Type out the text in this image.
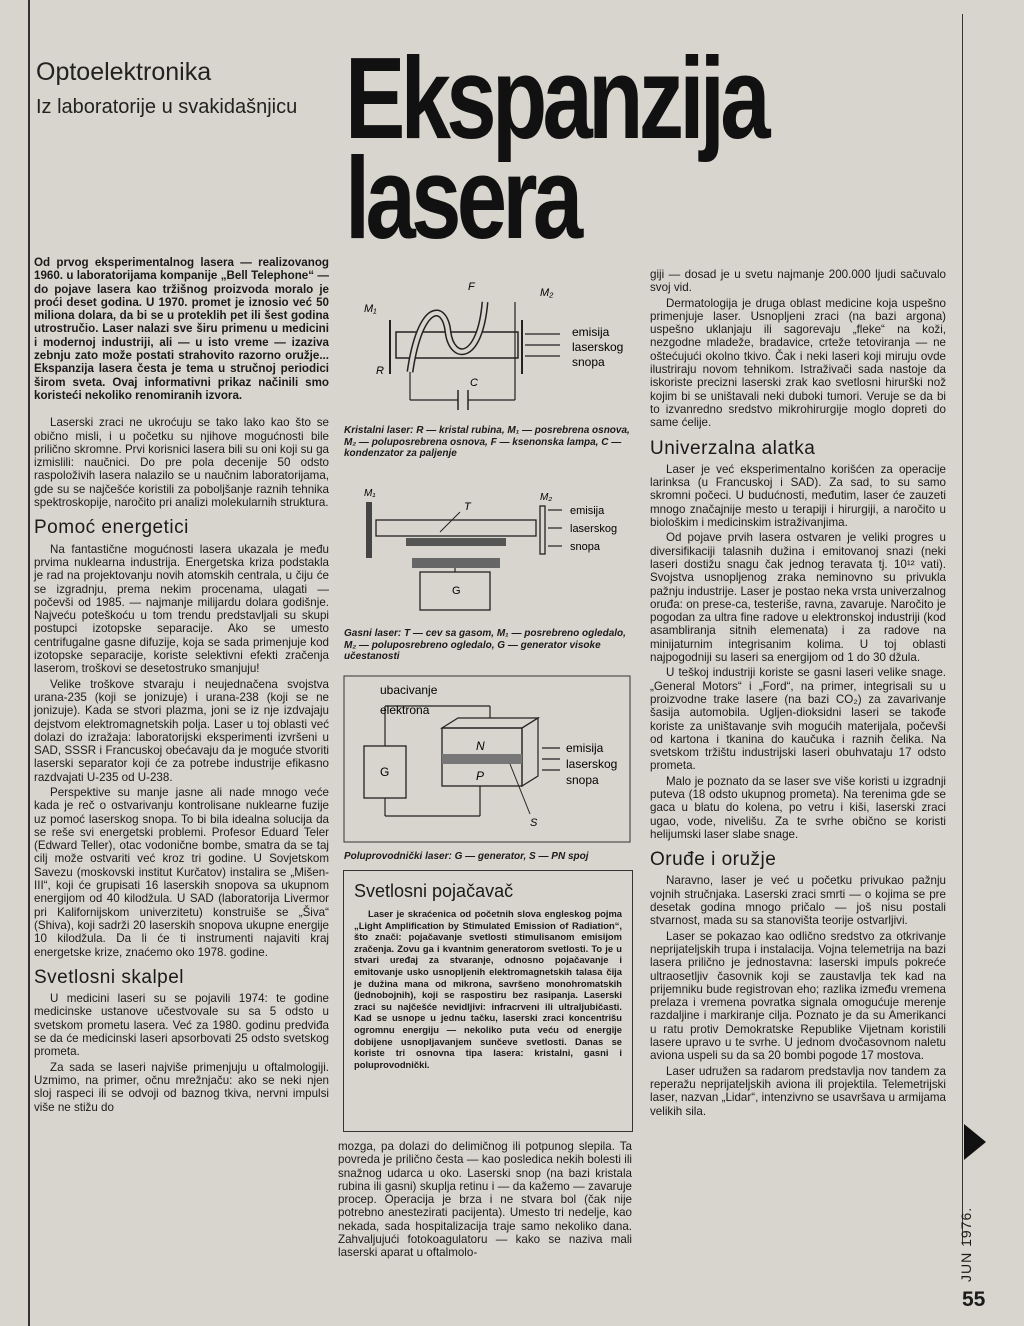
Optoelektronika
Iz laboratorije u svakidašnjicu Ekspanzija
lasera

Od prvog eksperimentalnog lasera — realizovanog 1960. u laboratorijama kompanije „Bell Telephone“ — do pojave lasera kao tržišnog proizvoda moralo je proći deset godina. U 1970. promet je iznosio već 50 miliona dolara, da bi se u proteklih pet ili šest godina utrostručio. Laser nalazi sve širu primenu u medicini i modernoj industriji, ali — u isto vreme — izaziva zebnju zato može postati strahovito razorno oružje... Ekspanzija lasera česta je tema u stručnoj periodici širom sveta. Ovaj informativni prikaz načinili smo koristeći nekoliko renomiranih izvora.

Laserski zraci ne ukroćuju se tako lako kao što se obično misli, i u početku su njihove mogućnosti bile prilično skromne. Prvi korisnici lasera bili su oni koji su ga izmislili: naučnici. Do pre pola decenije 50 odsto raspoloživih lasera nalazilo se u naučnim laboratorijama, gde su se najčešće koristili za poboljšanje raznih tehnika spektroskopije, naročito pri analizi molekularnih struktura.

Pomoć energetici

Na fantastične mogućnosti lasera ukazala je među prvima nuklearna industrija. Energetska kriza podstakla je rad na projektovanju novih atomskih centrala, u čiju će se izgradnju, prema nekim procenama, ulagati — počevši od 1985. — najmanje milijardu dolara godišnje. Najveću poteškoću u tom trendu predstavljali su skupi postupci izotopske separacije. Ako se umesto centrifugalne gasne difuzije, koja se sada primenjuje kod izotopske separacije, koriste selektivni efekti zračenja laserom, troškovi se desetostruko smanjuju!

Velike troškove stvaraju i neujednačena svojstva urana-235 (koji se jonizuje) i urana-238 (koji se ne jonizuje). Kada se stvori plazma, joni se iz nje izdvajaju dejstvom elektromagnetskih polja. Laser u toj oblasti već dolazi do izražaja: laboratorijski eksperimenti izvršeni u SAD, SSSR i Francuskoj obećavaju da je moguće stvoriti laserski separator koji će za potrebe industrije efikasno razdvajati U-235 od U-238.

Perspektive su manje jasne ali nade mnogo veće kada je reč o ostvarivanju kontrolisane nuklearne fuzije uz pomoć laserskog snopa. To bi bila idealna solucija da se reše svi energetski problemi. Profesor Eduard Teler (Edward Teller), otac vodonične bombe, smatra da se taj cilj može ostvariti već kroz tri godine. U Sovjetskom Savezu (moskovski institut Kurčatov) instalira se „Mišen-III“, koji će grupisati 16 laserskih snopova sa ukupnom energijom od 40 kilodžula. U SAD (laboratorija Livermor pri Kalifornijskom univerzitetu) konstruiše se „Šiva“ (Shiva), koji sadrži 20 laserskih snopova ukupne energije 10 kilodžula. Da li će ti instrumenti najaviti kraj energetske krize, znaćemo oko 1978. godine.

Svetlosni skalpel

U medicini laseri su se pojavili 1974: te godine medicinske ustanove učestvovale su sa 5 odsto u svetskom prometu lasera. Već za 1980. godinu predviđa se da će medicinski laseri apsorbovati 25 odsto svetskog prometa.

Za sada se laseri najviše primenjuju u oftalmologiji. Uzmimo, na primer, očnu mrežnjaču: ako se neki njen sloj raspeci ili se odvoji od baznog tkiva, nervni impulsi više ne stižu do

F
M₁
M₂
R
C
emisija
laserskog
snopa
Kristalni laser: R — kristal rubina, M₁ — posrebrena osnova, M₂ — poluposrebrena osnova, F — ksenonska lampa, C — kondenzator za paljenje
M₁	M₂
T
G
emisija
laserskog
snopa
Gasni laser: T — cev sa gasom, M₁ — posrebreno ogledalo, M₂ — poluposrebreno ogledalo, G — generator visoke učestanosti
ubacivanje
elektrona
G
N
P
S
emisija
laserskog
snopa
Poluprovodnički laser: G — generator, S — PN spoj
Svetlosni pojačavač
Laser je skraćenica od početnih slova engleskog pojma „Light Amplification by Stimulated Emission of Radiation“, što znači: pojačavanje svetlosti stimulisanom emisijom zračenja. Zovu ga i kvantnim generatorom svetlosti. To je u stvari uređaj za stvaranje, odnosno pojačavanje i emitovanje usko usnopljenih elektromagnetskih talasa čija je dužina mana od mikrona, savršeno monohromatskih (jednobojnih), koji se raspostiru bez rasipanja. Laserski zraci su najčešće nevidljivi: infracrveni ili ultraljubičasti. Kad se usnope u jednu tačku, laserski zraci koncentrišu ogromnu energiju — nekoliko puta veću od energije dobijene usnopljavanjem sunčeve svetlosti. Danas se koriste tri osnovna tipa lasera: kristalni, gasni i poluprovodnički.

mozga, pa dolazi do delimičnog ili potpunog slepila. Ta povreda je prilično česta — kao posledica nekih bolesti ili snažnog udarca u oko. Laserski snop (na bazi kristala rubina ili gasni) skuplja retinu i — da kažemo — zavaruje procep. Operacija je brza i ne stvara bol (čak nije potrebno anestezirati pacijenta). Umesto tri nedelje, kao nekada, sada hospitalizacija traje samo nekoliko dana. Zahvaljujući fotokoagulatoru — kako se naziva mali laserski aparat u oftalmolo-

giji — dosad je u svetu najmanje 200.000 ljudi sačuvalo svoj vid.

Dermatologija je druga oblast medicine koja uspešno primenjuje laser. Usnopljeni zraci (na bazi argona) uspešno uklanjaju ili sagorevaju „fleke“ na koži, nezgodne mladeže, bradavice, crteže tetoviranja — ne oštećujući okolno tkivo. Čak i neki laseri koji miruju ovde ilustriraju novom tehnikom. Istraživači sada nastoje da iskoriste precizni laserski zrak kao svetlosni hirurški nož kojim bi se uništavali neki duboki tumori. Veruje se da bi to izvanredno sredstvo mikrohirurgije moglo dopreti do same ćelije.

Univerzalna alatka

Laser je već eksperimentalno korišćen za operacije larinksa (u Francuskoj i SAD). Za sad, to su samo skromni počeci. U budućnosti, međutim, laser će zauzeti mnogo značajnije mesto u terapiji i hirurgiji, a naročito u biološkim i medicinskim istraživanjima.

Od pojave prvih lasera ostvaren je veliki progres u diversifikaciji talasnih dužina i emitovanoj snazi (neki laseri dostižu snagu čak jednog teravata tj. 10¹² vati). Svojstva usnopljenog zraka neminovno su privukla pažnju industrije. Laser je postao neka vrsta univerzalnog oruđa: on prese-ca, testeriše, ravna, zavaruje. Naročito je pogodan za ultra fine radove u elektronskoj industriji (kod asambliranja sitnih elemenata) i za radove na minijaturnim integrisanim kolima. U toj oblasti najpogodniji su laseri sa energijom od 1 do 30 džula.

U teškoj industriji koriste se gasni laseri velike snage. „General Motors“ i „Ford“, na primer, integrisali su u proizvodne trake lasere (na bazi CO₂) za zavarivanje šasija automobila. Ugljen-dioksidni laseri se takođe koriste za uništavanje svih mogućih materijala, počevši od kartona i tkanina do kaučuka i raznih čelika. Na svetskom tržištu industrijski laseri obuhvataju 17 odsto prometa.

Malo je poznato da se laser sve više koristi u izgradnji puteva (18 odsto ukupnog prometa). Na terenima gde se gaca u blatu do kolena, po vetru i kiši, laserski zraci ugao, vode, nivelišu. Za te svrhe obično se koristi helijumski laser slabe snage.

Oruđe i oružje

Naravno, laser je već u početku privukao pažnju vojnih stručnjaka. Laserski zraci smrti — o kojima se pre desetak godina mnogo pričalo — još nisu postali stvarnost, mada su sa stanovišta teorije ostvarljivi.

Laser se pokazao kao odlično sredstvo za otkrivanje neprijateljskih trupa i instalacija. Vojna telemetrija na bazi lasera prilično je jednostavna: laserski impuls pokreće ultraosetljiv časovnik koji se zaustavlja tek kad na prijemniku bude registrovan eho; razlika između vremena prelaza i vremena povratka signala omogućuje merenje razdaljine i markiranje cilja. Poznato je da su Amerikanci u ratu protiv Demokratske Republike Vijetnam koristili lasere upravo u te svrhe. U jednom dvočasovnom naletu aviona uspeli su da sa 20 bombi pogode 17 mostova.

Laser udružen sa radarom predstavlja nov tandem za reperažu neprijateljskih aviona ili projektila. Telemetrijski laser, nazvan „Lidar“, intenzivno se usavršava u armijama velikih sila.

JUN 1976.
55
